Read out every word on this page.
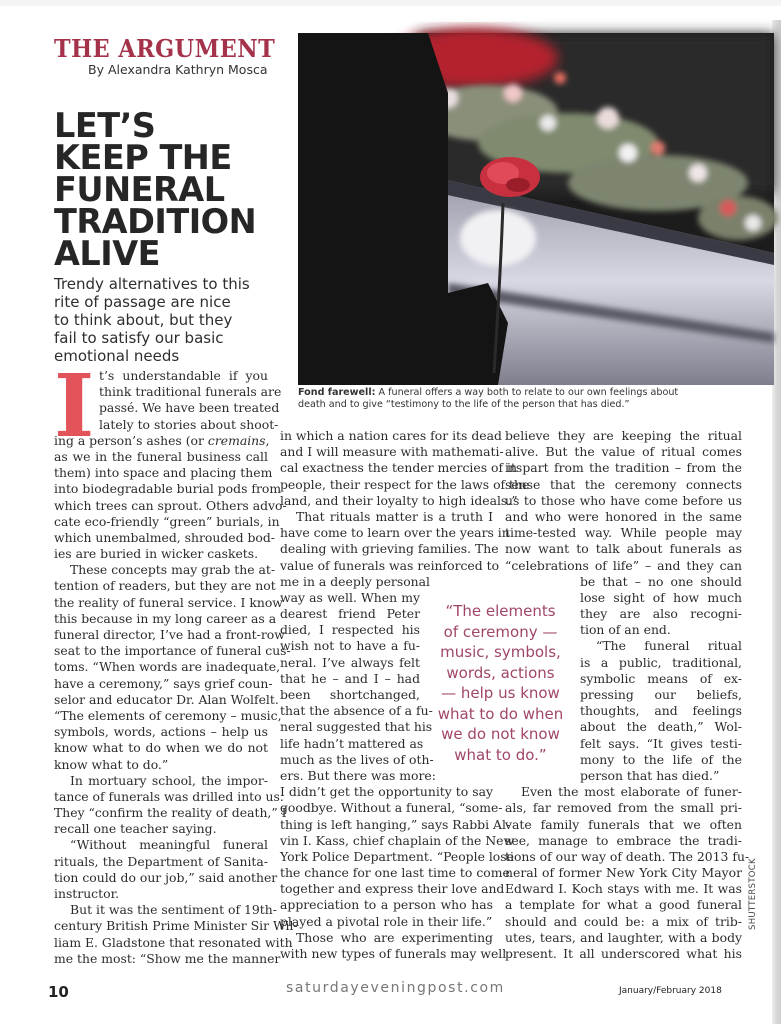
THE ARGUMENT
By Alexandra Kathryn Mosca
LET’S
KEEP THE
FUNERAL
TRADITION
ALIVE
Trendy alternatives to this
rite of passage are nice
to think about, but they
fail to satisfy our basic
emotional needs
Fond farewell: A funeral offers a way both to relate to our own feelings about
death and to give “testimony to the life of the person that has died.”
I t’s understandable if you
think traditional funerals are
passé. We have been treated
lately to stories about shoot-
ing a person’s ashes (or cremains,
as we in the funeral business call
them) into space and placing them
into biodegradable burial pods from
which trees can sprout. Others advo-
cate eco-friendly “green” burials, in
which unembalmed, shrouded bod-
ies are buried in wicker caskets.
These concepts may grab the at-
tention of readers, but they are not
the reality of funeral service. I know
this because in my long career as a
funeral director, I’ve had a front-row
seat to the importance of funeral cus-
toms. “When words are inadequate,
have a ceremony,” says grief coun-
selor and educator Dr. Alan Wolfelt.
“The elements of ceremony – music,
symbols, words, actions – help us
know what to do when we do not
know what to do.”
In mortuary school, the impor-
tance of funerals was drilled into us.
They “confirm the reality of death,” I
recall one teacher saying.
“Without meaningful funeral
rituals, the Department of Sanita-
tion could do our job,” said another
instructor.
But it was the sentiment of 19th-
century British Prime Minister Sir Wil-
liam E. Gladstone that resonated with
me the most: “Show me the manner
in which a nation cares for its dead
and I will measure with mathemati-
cal exactness the tender mercies of its
people, their respect for the laws of the
land, and their loyalty to high ideals.”
That rituals matter is a truth I
have come to learn over the years in
dealing with grieving families. The
value of funerals was reinforced to
me in a deeply personal
way as well. When my
dearest friend Peter
died, I respected his
wish not to have a fu-
neral. I’ve always felt
that he – and I – had
been shortchanged,
that the absence of a fu-
neral suggested that his
life hadn’t mattered as
much as the lives of oth-
ers. But there was more:
I didn’t get the opportunity to say
goodbye. Without a funeral, “some-
thing is left hanging,” says Rabbi Al-
vin I. Kass, chief chaplain of the New
York Police Department. “People lose
the chance for one last time to come
together and express their love and
appreciation to a person who has
played a pivotal role in their life.”
Those who are experimenting
with new types of funerals may well
believe they are keeping the ritual
alive. But the value of ritual comes
in part from the tradition – from the
sense that the ceremony connects
us to those who have come before us
and who were honored in the same
time-tested way. While people may
now want to talk about funerals as
“celebrations of life” – and they can
be that – no one should
lose sight of how much
they are also recogni-
tion of an end.
“The funeral ritual
is a public, traditional,
symbolic means of ex-
pressing our beliefs,
thoughts, and feelings
about the death,” Wol-
felt says. “It gives testi-
mony to the life of the
person that has died.”
Even the most elaborate of funer-
als, far removed from the small pri-
vate family funerals that we often
see, manage to embrace the tradi-
tions of our way of death. The 2013 fu-
neral of former New York City Mayor
Edward I. Koch stays with me. It was
a template for what a good funeral
should and could be: a mix of trib-
utes, tears, and laughter, with a body
present. It all underscored what his
“The elements
of ceremony —
music, symbols,
words, actions
— help us know
what to do when
we do not know
what to do.”
SHUTTERSTOCK
10	saturdayeveningpost.com	January/February 2018
